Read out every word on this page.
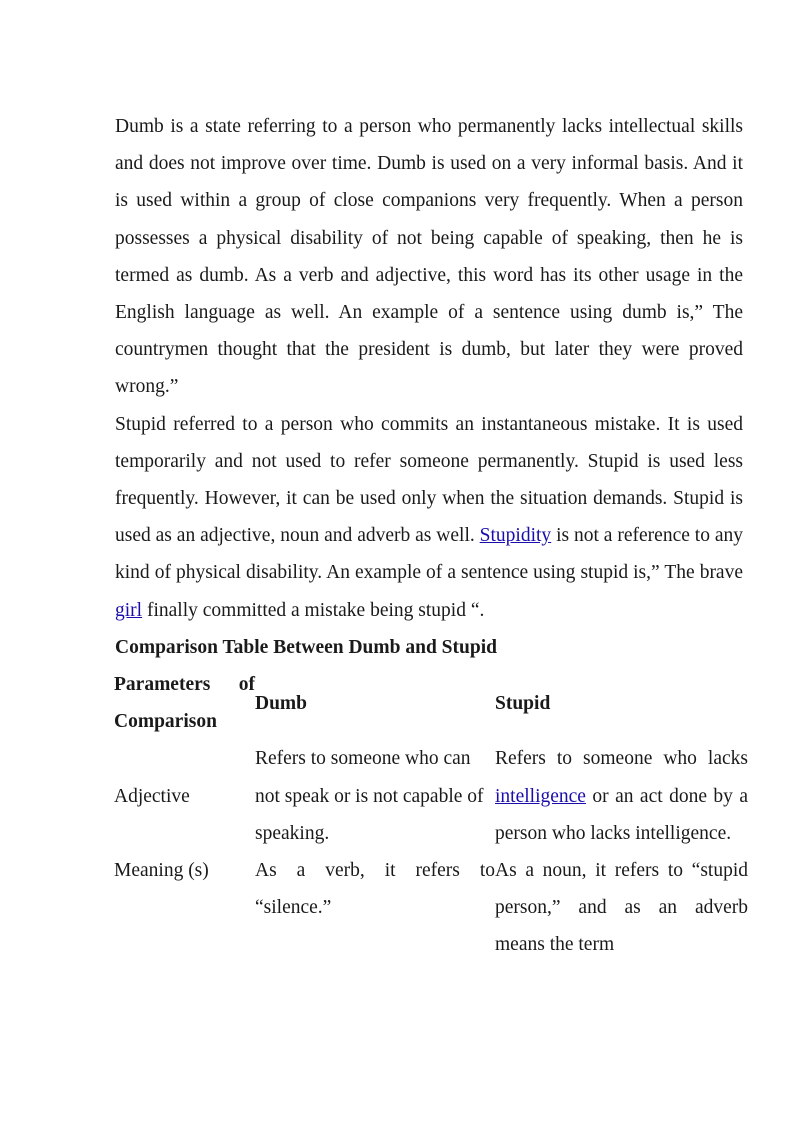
Dumb is a state referring to a person who permanently lacks intellectual skills and does not improve over time. Dumb is used on a very informal basis. And it is used within a group of close companions very frequently. When a person possesses a physical disability of not being capable of speaking, then he is termed as dumb. As a verb and adjective, this word has its other usage in the English language as well. An example of a sentence using dumb is,” The countrymen thought that the president is dumb, but later they were proved wrong.”

Stupid referred to a person who commits an instantaneous mistake. It is used temporarily and not used to refer someone permanently. Stupid is used less frequently. However, it can be used only when the situation demands. Stupid is used as an adjective, noun and adverb as well. Stupidity is not a reference to any kind of physical disability. An example of a sentence using stupid is,” The brave girl finally committed a mistake being stupid “.

Comparison Table Between Dumb and Stupid

Parameters of Comparison	Dumb	Stupid
Adjective	Refers to someone who can not speak or is not capable of speaking.	Refers to someone who lacks intelligence or an act done by a person who lacks intelligence.
Meaning (s)	As a verb, it refers to “silence.”	As a noun, it refers to “stupid person,” and as an adverb means the term
